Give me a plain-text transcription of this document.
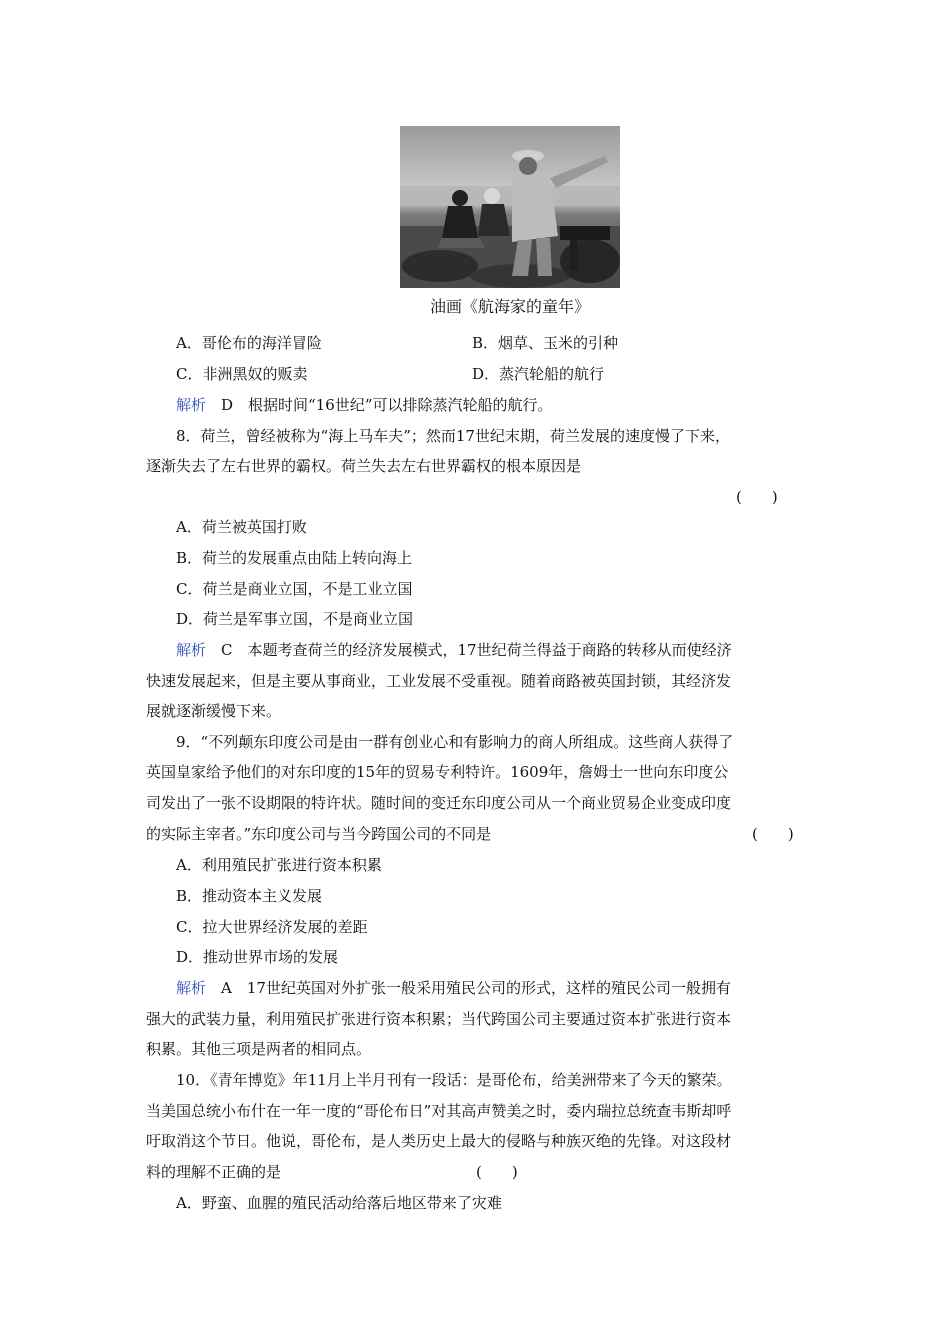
油画《航海家的童年》
A．哥伦布的海洋冒险	B．烟草、玉米的引种
C．非洲黑奴的贩卖	D．蒸汽轮船的航行
解析　 D　根据时间“16世纪”可以排除蒸汽轮船的航行。
8．荷兰，曾经被称为“海上马车夫”；然而17世纪末期，荷兰发展的速度慢了下来，
逐渐失去了左右世界的霸权。荷兰失去左右世界霸权的根本原因是
(　　)
A．荷兰被英国打败
B．荷兰的发展重点由陆上转向海上
C．荷兰是商业立国，不是工业立国
D．荷兰是军事立国，不是商业立国
解析　 C　本题考查荷兰的经济发展模式，17世纪荷兰得益于商路的转移从而使经济
快速发展起来，但是主要从事商业，工业发展不受重视。随着商路被英国封锁，其经济发
展就逐渐缓慢下来。
9．“不列颠东印度公司是由一群有创业心和有影响力的商人所组成。这些商人获得了
英国皇家给予他们的对东印度的15年的贸易专利特许。1609年，詹姆士一世向东印度公
司发出了一张不设期限的特许状。随时间的变迁东印度公司从一个商业贸易企业变成印度
的实际主宰者。”东印度公司与当今跨国公司的不同是	(　　)
A．利用殖民扩张进行资本积累
B．推动资本主义发展
C．拉大世界经济发展的差距
D．推动世界市场的发展
解析　 A　17世纪英国对外扩张一般采用殖民公司的形式，这样的殖民公司一般拥有
强大的武装力量，利用殖民扩张进行资本积累；当代跨国公司主要通过资本扩张进行资本
积累。其他三项是两者的相同点。
10．《青年博览》年11月上半月刊有一段话：是哥伦布，给美洲带来了今天的繁荣。
当美国总统小布什在一年一度的“哥伦布日”对其高声赞美之时，委内瑞拉总统查韦斯却呼
吁取消这个节日。他说，哥伦布，是人类历史上最大的侵略与种族灭绝的先锋。对这段材
料的理解不正确的是	(　　)
A．野蛮、血腥的殖民活动给落后地区带来了灾难
